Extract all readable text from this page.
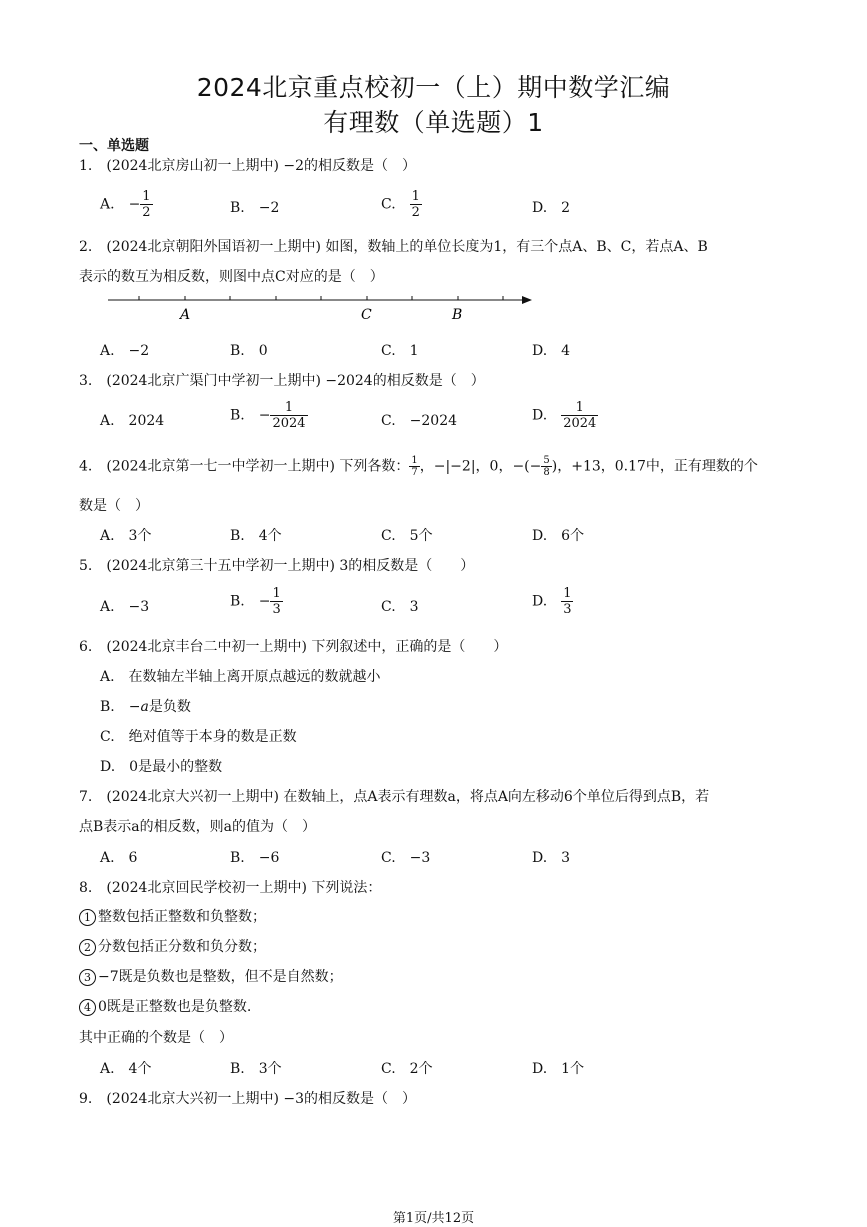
2024北京重点校初一（上）期中数学汇编
有理数（单选题）1
一、单选题
1.　(2024北京房山初一上期中) −2的相反数是（　）
A.　 − $\frac{1}{2}$	B.　−2	C.　 $\frac{1}{2}$	D.　2
2.　(2024北京朝阳外国语初一上期中) 如图，数轴上的单位长度为1，有三个点A、B、C，若点A、B
表示的数互为相反数，则图中点C对应的是（　）
A	C	B
A.　−2	B.　0	C.　1	D.　4
3.　(2024北京广渠门中学初一上期中) −2024的相反数是（　）
A.　2024	B.　 − $\frac{1}{2024}$	C.　−2024	D.　 $\frac{1}{2024}$
4.　(2024北京第一七一中学初一上期中) 下列各数： $\frac{1}{7}$ ，−|−2|，0，−(− $\frac{5}{8}$ )，+13，0.17中，正有理数的个
数是（　）
A.　3个	B.　4个	C.　5个	D.　6个
5.　(2024北京第三十五中学初一上期中) 3的相反数是（　　）
A.　−3	B.　 − $\frac{1}{3}$	C.　3	D.　 $\frac{1}{3}$
6.　(2024北京丰台二中初一上期中) 下列叙述中，正确的是（　　）
A.　在数轴左半轴上离开原点越远的数就越小
B.　−a是负数
C.　绝对值等于本身的数是正数
D.　0是最小的整数
7.　(2024北京大兴初一上期中) 在数轴上，点A表示有理数a，将点A向左移动6个单位后得到点B，若
点B表示a的相反数，则a的值为（　）
A.　6	B.　−6	C.　−3	D.　3
8.　(2024北京回民学校初一上期中) 下列说法：
1 整数包括正整数和负整数；
2 分数包括正分数和负分数；
3 −7既是负数也是整数，但不是自然数；
4 0既是正整数也是负整数.
其中正确的个数是（　）
A.　4个	B.　3个	C.　2个	D.　1个
9.　(2024北京大兴初一上期中) −3的相反数是（　）
第1页/共12页
